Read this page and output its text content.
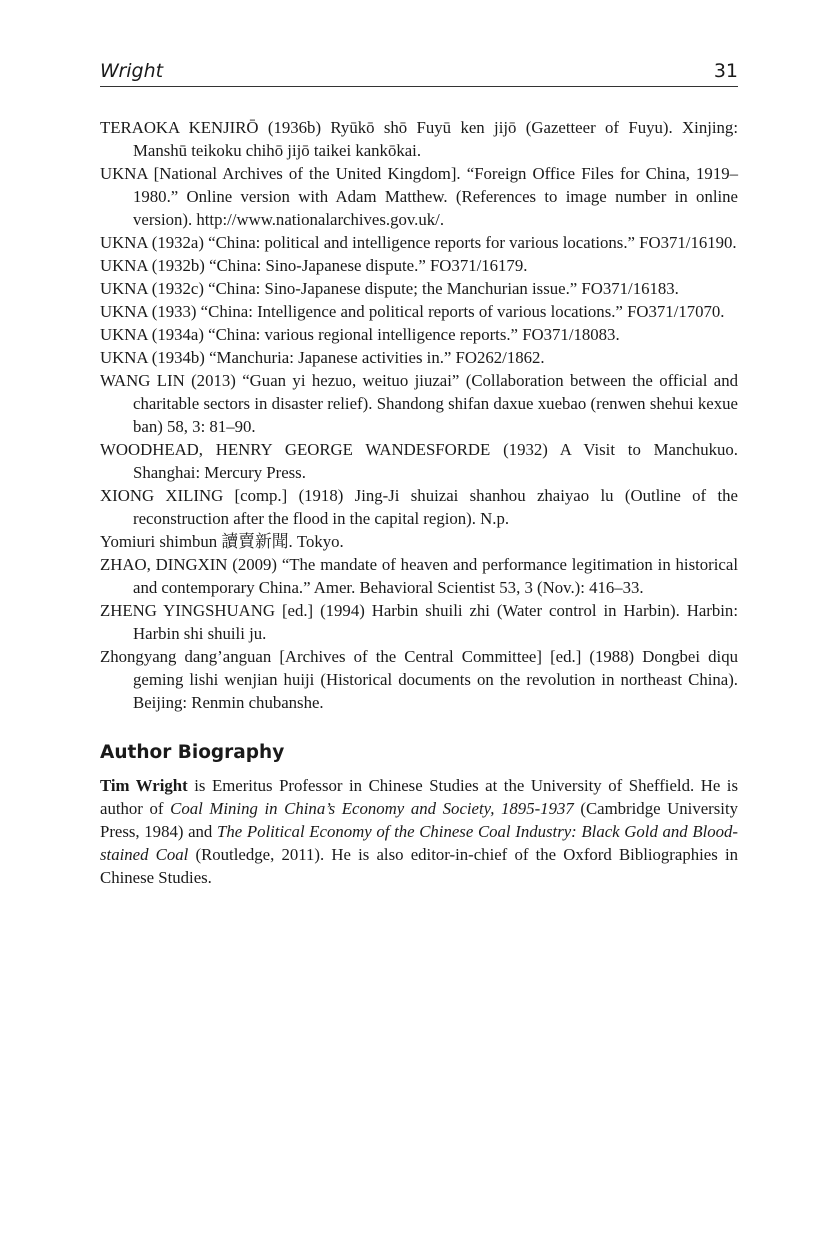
Wright	31
TERAOKA KENJIRŌ (1936b) Ryūkō shō Fuyū ken jijō (Gazetteer of Fuyu). Xinjing: Manshū teikoku chihō jijō taikei kankōkai.
UKNA [National Archives of the United Kingdom]. “Foreign Office Files for China, 1919–1980.” Online version with Adam Matthew. (References to image number in online version). http://www.nationalarchives.gov.uk/.
UKNA (1932a) “China: political and intelligence reports for various locations.” FO371/16190.
UKNA (1932b) “China: Sino-Japanese dispute.” FO371/16179.
UKNA (1932c) “China: Sino-Japanese dispute; the Manchurian issue.” FO371/16183.
UKNA (1933) “China: Intelligence and political reports of various locations.” FO371/17070.
UKNA (1934a) “China: various regional intelligence reports.” FO371/18083.
UKNA (1934b) “Manchuria: Japanese activities in.” FO262/1862.
WANG LIN (2013) “Guan yi hezuo, weituo jiuzai” (Collaboration between the official and charitable sectors in disaster relief). Shandong shifan daxue xuebao (renwen shehui kexue ban) 58, 3: 81–90.
WOODHEAD, HENRY GEORGE WANDESFORDE (1932) A Visit to Manchukuo. Shanghai: Mercury Press.
XIONG XILING [comp.] (1918) Jing-Ji shuizai shanhou zhaiyao lu (Outline of the reconstruction after the flood in the capital region). N.p.
Yomiuri shimbun 讀賣新聞. Tokyo.
ZHAO, DINGXIN (2009) “The mandate of heaven and performance legitimation in historical and contemporary China.” Amer. Behavioral Scientist 53, 3 (Nov.): 416–33.
ZHENG YINGSHUANG [ed.] (1994) Harbin shuili zhi (Water control in Harbin). Harbin: Harbin shi shuili ju.
Zhongyang dang’anguan [Archives of the Central Committee] [ed.] (1988) Dongbei diqu geming lishi wenjian huiji (Historical documents on the revolution in northeast China). Beijing: Renmin chubanshe.
Author Biography

Tim Wright is Emeritus Professor in Chinese Studies at the University of Sheffield. He is author of Coal Mining in China’s Economy and Society, 1895-1937 (Cambridge University Press, 1984) and The Political Economy of the Chinese Coal Industry: Black Gold and Blood-stained Coal (Routledge, 2011). He is also editor-in-chief of the Oxford Bibliographies in Chinese Studies.
